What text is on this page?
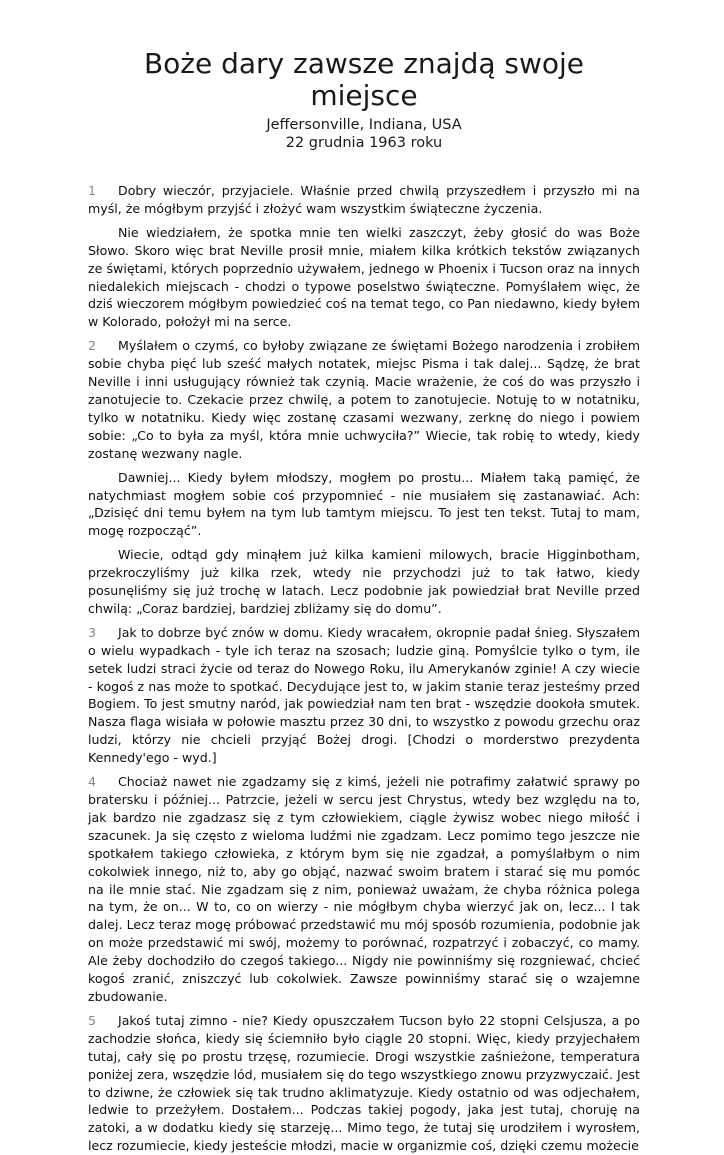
Boże dary zawsze znajdą swoje miejsce
Jeffersonville, Indiana, USA
22 grudnia 1963 roku

1 Dobry wieczór, przyjaciele. Właśnie przed chwilą przyszedłem i przyszło mi na myśl, że mógłbym przyjść i złożyć wam wszystkim świąteczne życzenia.

Nie wiedziałem, że spotka mnie ten wielki zaszczyt, żeby głosić do was Boże Słowo. Skoro więc brat Neville prosił mnie, miałem kilka krótkich tekstów związanych ze świętami, których poprzednio używałem, jednego w Phoenix i Tucson oraz na innych niedalekich miejscach - chodzi o typowe poselstwo świąteczne. Pomyślałem więc, że dziś wieczorem mógłbym powiedzieć coś na temat tego, co Pan niedawno, kiedy byłem w Kolorado, położył mi na serce.

2 Myślałem o czymś, co byłoby związane ze świętami Bożego narodzenia i zrobiłem sobie chyba pięć lub sześć małych notatek, miejsc Pisma i tak dalej... Sądzę, że brat Neville i inni usługujący również tak czynią. Macie wrażenie, że coś do was przyszło i zanotujecie to. Czekacie przez chwilę, a potem to zanotujecie. Notuję to w notatniku, tylko w notatniku. Kiedy więc zostanę czasami wezwany, zerknę do niego i powiem sobie: „Co to była za myśl, która mnie uchwyciła?” Wiecie, tak robię to wtedy, kiedy zostanę wezwany nagle.

Dawniej... Kiedy byłem młodszy, mogłem po prostu... Miałem taką pamięć, że natychmiast mogłem sobie coś przypomnieć - nie musiałem się zastanawiać. Ach: „Dzisięć dni temu byłem na tym lub tamtym miejscu. To jest ten tekst. Tutaj to mam, mogę rozpocząć”.

Wiecie, odtąd gdy minąłem już kilka kamieni milowych, bracie Higginbotham, przekroczyliśmy już kilka rzek, wtedy nie przychodzi już to tak łatwo, kiedy posunęliśmy się już trochę w latach. Lecz podobnie jak powiedział brat Neville przed chwilą: „Coraz bardziej, bardziej zbliżamy się do domu”.

3 Jak to dobrze być znów w domu. Kiedy wracałem, okropnie padał śnieg. Słyszałem o wielu wypadkach - tyle ich teraz na szosach; ludzie giną. Pomyślcie tylko o tym, ile setek ludzi straci życie od teraz do Nowego Roku, ilu Amerykanów zginie! A czy wiecie - kogoś z nas może to spotkać. Decydujące jest to, w jakim stanie teraz jesteśmy przed Bogiem. To jest smutny naród, jak powiedział nam ten brat - wszędzie dookoła smutek. Nasza flaga wisiała w połowie masztu przez 30 dni, to wszystko z powodu grzechu oraz ludzi, którzy nie chcieli przyjąć Bożej drogi. [Chodzi o morderstwo prezydenta Kennedy'ego - wyd.]

4 Chociaż nawet nie zgadzamy się z kimś, jeżeli nie potrafimy załatwić sprawy po bratersku i później... Patrzcie, jeżeli w sercu jest Chrystus, wtedy bez względu na to, jak bardzo nie zgadzasz się z tym człowiekiem, ciągle żywisz wobec niego miłość i szacunek. Ja się często z wieloma ludźmi nie zgadzam. Lecz pomimo tego jeszcze nie spotkałem takiego człowieka, z którym bym się nie zgadzał, a pomyślałbym o nim cokolwiek innego, niż to, aby go objąć, nazwać swoim bratem i starać się mu pomóc na ile mnie stać. Nie zgadzam się z nim, ponieważ uważam, że chyba różnica polega na tym, że on... W to, co on wierzy - nie mógłbym chyba wierzyć jak on, lecz... I tak dalej. Lecz teraz mogę próbować przedstawić mu mój sposób rozumienia, podobnie jak on może przedstawić mi swój, możemy to porównać, rozpatrzyć i zobaczyć, co mamy. Ale żeby dochodziło do czegoś takiego... Nigdy nie powinniśmy się rozgniewać, chcieć kogoś zranić, zniszczyć lub cokolwiek. Zawsze powinniśmy starać się o wzajemne zbudowanie.

5 Jakoś tutaj zimno - nie? Kiedy opuszczałem Tucson było 22 stopni Celsjusza, a po zachodzie słońca, kiedy się ściemniło było ciągle 20 stopni. Więc, kiedy przyjechałem tutaj, cały się po prostu trzęsę, rozumiecie. Drogi wszystkie zaśnieżone, temperatura poniżej zera, wszędzie lód, musiałem się do tego wszystkiego znowu przyzwyczaić. Jest to dziwne, że człowiek się tak trudno aklimatyzuje. Kiedy ostatnio od was odjechałem, ledwie to przeżyłem. Dostałem... Podczas takiej pogody, jaka jest tutaj, choruję na zatoki, a w dodatku kiedy się starzeję... Mimo tego, że tutaj się urodziłem i wyrosłem, lecz rozumiecie, kiedy jesteście młodzi, macie w organizmie coś, dzięki czemu możecie
